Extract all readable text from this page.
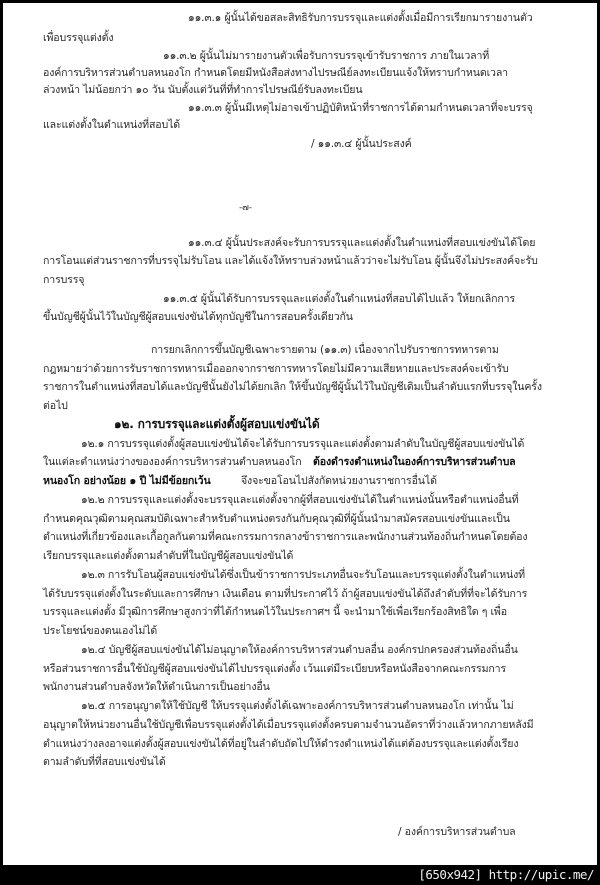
๑๑.๓.๑ ผู้นั้นได้ขอสละสิทธิรับการบรรจุและแต่งตั้งเมื่อมีการเรียกมารายงานตัว
เพื่อบรรจุแต่งตั้ง
๑๑.๓.๒ ผู้นั้นไม่มารายงานตัวเพื่อรับการบรรจุเข้ารับราชการ ภายในเวลาที่
องค์การบริหารส่วนตำบลหนองโก กำหนดโดยมีหนังสือส่งทางไปรษณีย์ลงทะเบียนแจ้งให้ทราบกำหนดเวลา
ล่วงหน้า ไม่น้อยกว่า ๑๐ วัน นับตั้งแต่วันที่ที่ทำการไปรษณีย์รับลงทะเบียน
๑๑.๓.๓ ผู้นั้นมีเหตุไม่อาจเข้าปฏิบัติหน้าที่ราชการได้ตามกำหนดเวลาที่จะบรรจุ
และแต่งตั้งในตำแหน่งที่สอบได้
/ ๑๑.๓.๔ ผู้นั้นประสงค์
-๗-
๑๑.๓.๔ ผู้นั้นประสงค์จะรับการบรรจุและแต่งตั้งในตำแหน่งที่สอบแข่งขันได้โดย
การโอนแต่ส่วนราชการที่บรรจุไม่รับโอน และได้แจ้งให้ทราบล่วงหน้าแล้วว่าจะไม่รับโอน ผู้นั้นจึงไม่ประสงค์จะรับ
การบรรจุ
๑๑.๓.๕ ผู้นั้นได้รับการบรรจุและแต่งตั้งในตำแหน่งที่สอบได้ไปแล้ว ให้ยกเลิกการ
ขึ้นบัญชีผู้นั้นไว้ในบัญชีผู้สอบแข่งขันได้ทุกบัญชีในการสอบครั้งเดียวกัน
การยกเลิกการขึ้นบัญชีเฉพาะรายตาม (๑๑.๓) เนื่องจากไปรับราชการทหารตาม
กฎหมายว่าด้วยการรับราชการทหารเมื่อออกจากราชการทหารโดยไม่มีความเสียหายและประสงค์จะเข้ารับ
ราชการในตำแหน่งที่สอบได้และบัญชีนั้นยังไม่ได้ยกเลิก ให้ขึ้นบัญชีผู้นั้นไว้ในบัญชีเดิมเป็นลำดับแรกที่บรรจุในครั้ง
ต่อไป
๑๒. การบรรจุและแต่งตั้งผู้สอบแข่งขันได้
๑๒.๑ การบรรจุแต่งตั้งผู้สอบแข่งขันได้จะได้รับการบรรจุและแต่งตั้งตามลำดับในบัญชีผู้สอบแข่งขันได้
ในแต่ละตำแหน่งว่างขององค์การบริหารส่วนตำบลหนองโก ต้องดำรงตำแหน่งในองค์การบริหารส่วนตำบล
หนองโก อย่างน้อย ๑ ปี ไม่มีข้อยกเว้น	จึงจะขอโอนไปสังกัดหน่วยงานราชการอื่นได้
๑๒.๒ การบรรจุและแต่งตั้งจะบรรจุและแต่งตั้งจากผู้ที่สอบแข่งขันได้ในตำแหน่งนั้นหรือตำแหน่งอื่นที่
กำหนดคุณวุฒิตามคุณสมบัติเฉพาะสำหรับตำแหน่งตรงกันกับคุณวุฒิที่ผู้นั้นนำมาสมัครสอบแข่งขันและเป็น
ตำแหน่งที่เกี่ยวข้องและเกื้อกูลกันตามที่คณะกรรมการกลางข้าราชการและพนักงานส่วนท้องถิ่นกำหนดโดยต้อง
เรียกบรรจุและแต่งตั้งตามลำดับที่ในบัญชีผู้สอบแข่งขันได้
๑๒.๓ การรับโอนผู้สอบแข่งขันได้ซึ่งเป็นข้าราชการประเภทอื่นจะรับโอนและบรรจุแต่งตั้งในตำแหน่งที่
ได้รับบรรจุแต่งตั้งในระดับและการศึกษา เงินเดือน ตามที่ประกาศไว้ ถ้าผู้สอบแข่งขันได้ถึงลำดับที่ที่จะได้รับการ
บรรจุและแต่งตั้ง มีวุฒิการศึกษาสูงกว่าที่ได้กำหนดไว้ในประกาศฯ นี้ จะนำมาใช้เพื่อเรียกร้องสิทธิใด ๆ เพื่อ
ประโยชน์ของตนเองไม่ได้
๑๒.๔ บัญชีผู้สอบแข่งขันได้ไม่อนุญาตให้องค์การบริหารส่วนตำบลอื่น องค์กรปกครองส่วนท้องถิ่นอื่น
หรือส่วนราชการอื่นใช้บัญชีผู้สอบแข่งขันได้ไปบรรจุแต่งตั้ง เว้นแต่มีระเบียบหรือหนังสือจากคณะกรรมการ
พนักงานส่วนตำบลจังหวัดให้ดำเนินการเป็นอย่างอื่น
๑๒.๕ การอนุญาตให้ใช้บัญชี ให้บรรจุแต่งตั้งได้เฉพาะองค์การบริหารส่วนตำบลหนองโก เท่านั้น ไม่
อนุญาตให้หน่วยงานอื่นใช้บัญชีเพื่อบรรจุแต่งตั้งได้เมื่อบรรจุแต่งตั้งครบตามจำนวนอัตราที่ว่างแล้วหากภายหลังมี
ตำแหน่งว่างลงอาจแต่งตั้งผู้สอบแข่งขันได้ที่อยู่ในลำดับถัดไปให้ดำรงตำแหน่งได้แต่ต้องบรรจุและแต่งตั้งเรียง
ตามลำดับที่ที่สอบแข่งขันได้
/ องค์การบริหารส่วนตำบล
[650x942] http://upic.me/
